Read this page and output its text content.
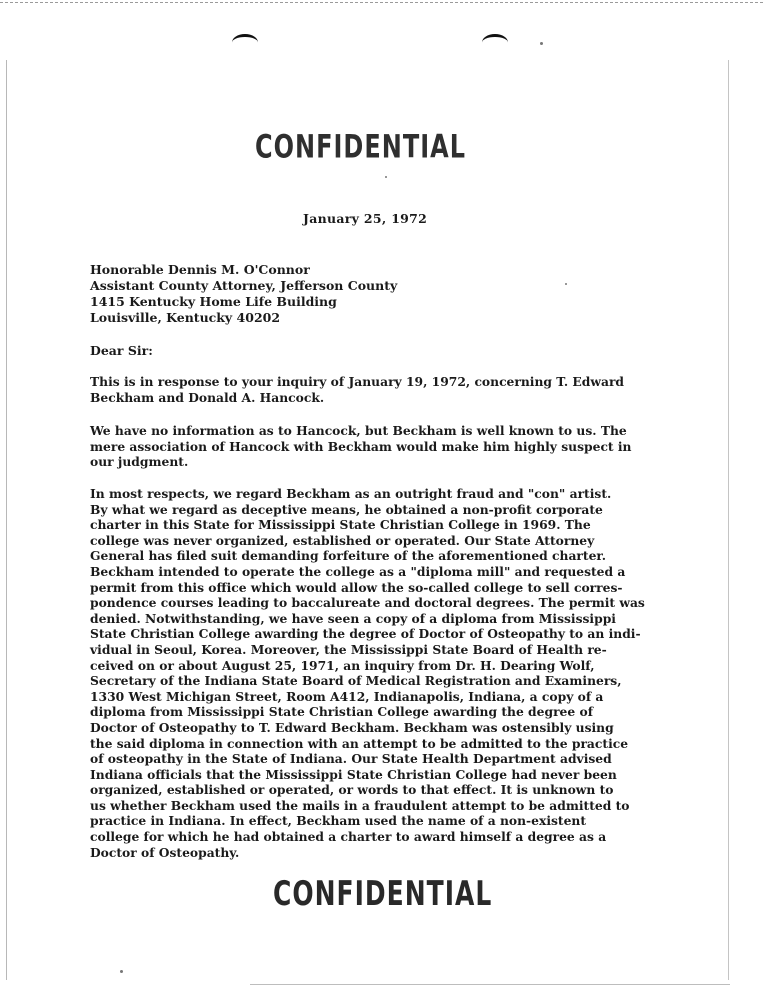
CONFIDENTIAL
January 25, 1972
Honorable Dennis M. O'Connor
Assistant County Attorney, Jefferson County
1415 Kentucky Home Life Building
Louisville, Kentucky 40202
Dear Sir:
This is in response to your inquiry of January 19, 1972, concerning T. Edward
Beckham and Donald A. Hancock.
We have no information as to Hancock, but Beckham is well known to us. The
mere association of Hancock with Beckham would make him highly suspect in
our judgment.
In most respects, we regard Beckham as an outright fraud and "con" artist.
By what we regard as deceptive means, he obtained a non-profit corporate
charter in this State for Mississippi State Christian College in 1969. The
college was never organized, established or operated. Our State Attorney
General has filed suit demanding forfeiture of the aforementioned charter.
Beckham intended to operate the college as a "diploma mill" and requested a
permit from this office which would allow the so-called college to sell corres-
pondence courses leading to baccalureate and doctoral degrees. The permit was
denied. Notwithstanding, we have seen a copy of a diploma from Mississippi
State Christian College awarding the degree of Doctor of Osteopathy to an indi-
vidual in Seoul, Korea. Moreover, the Mississippi State Board of Health re-
ceived on or about August 25, 1971, an inquiry from Dr. H. Dearing Wolf,
Secretary of the Indiana State Board of Medical Registration and Examiners,
1330 West Michigan Street, Room A412, Indianapolis, Indiana, a copy of a
diploma from Mississippi State Christian College awarding the degree of
Doctor of Osteopathy to T. Edward Beckham. Beckham was ostensibly using
the said diploma in connection with an attempt to be admitted to the practice
of osteopathy in the State of Indiana. Our State Health Department advised
Indiana officials that the Mississippi State Christian College had never been
organized, established or operated, or words to that effect. It is unknown to
us whether Beckham used the mails in a fraudulent attempt to be admitted to
practice in Indiana. In effect, Beckham used the name of a non-existent
college for which he had obtained a charter to award himself a degree as a
Doctor of Osteopathy.
CONFIDENTIAL
